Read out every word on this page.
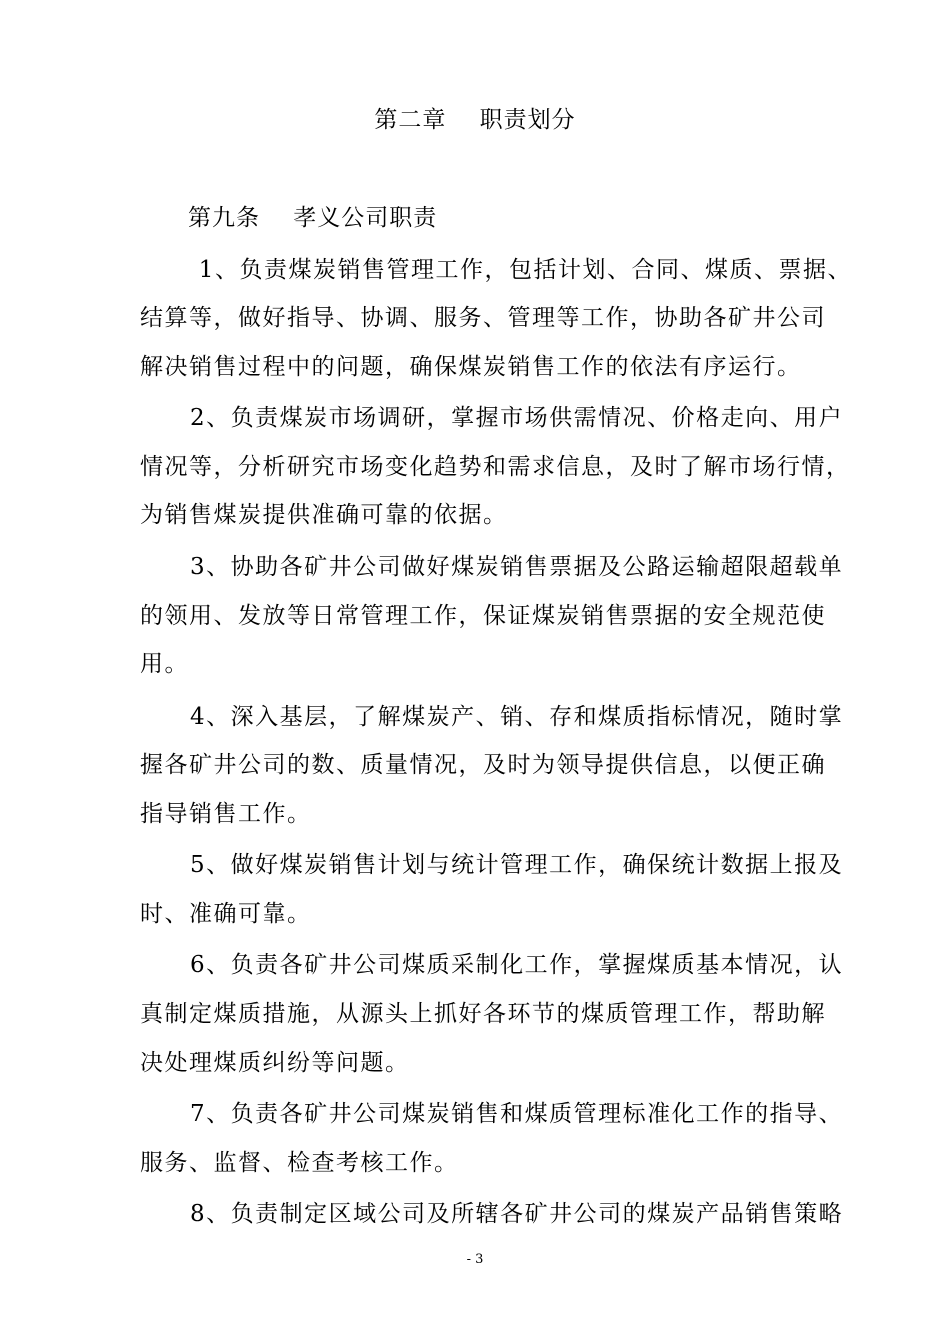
第二章    职责划分
第九条    孝义公司职责
1、负责煤炭销售管理工作，包括计划、合同、煤质、票据、
结算等，做好指导、协调、服务、管理等工作，协助各矿井公司
解决销售过程中的问题，确保煤炭销售工作的依法有序运行。
2、负责煤炭市场调研，掌握市场供需情况、价格走向、用户
情况等，分析研究市场变化趋势和需求信息，及时了解市场行情，
为销售煤炭提供准确可靠的依据。
3、协助各矿井公司做好煤炭销售票据及公路运输超限超载单
的领用、发放等日常管理工作，保证煤炭销售票据的安全规范使
用。
4、深入基层，了解煤炭产、销、存和煤质指标情况，随时掌
握各矿井公司的数、质量情况，及时为领导提供信息，以便正确
指导销售工作。
5、做好煤炭销售计划与统计管理工作，确保统计数据上报及
时、准确可靠。
6、负责各矿井公司煤质采制化工作，掌握煤质基本情况，认
真制定煤质措施，从源头上抓好各环节的煤质管理工作，帮助解
决处理煤质纠纷等问题。
7、负责各矿井公司煤炭销售和煤质管理标准化工作的指导、
服务、监督、检查考核工作。
8、负责制定区域公司及所辖各矿井公司的煤炭产品销售策略
- 3
